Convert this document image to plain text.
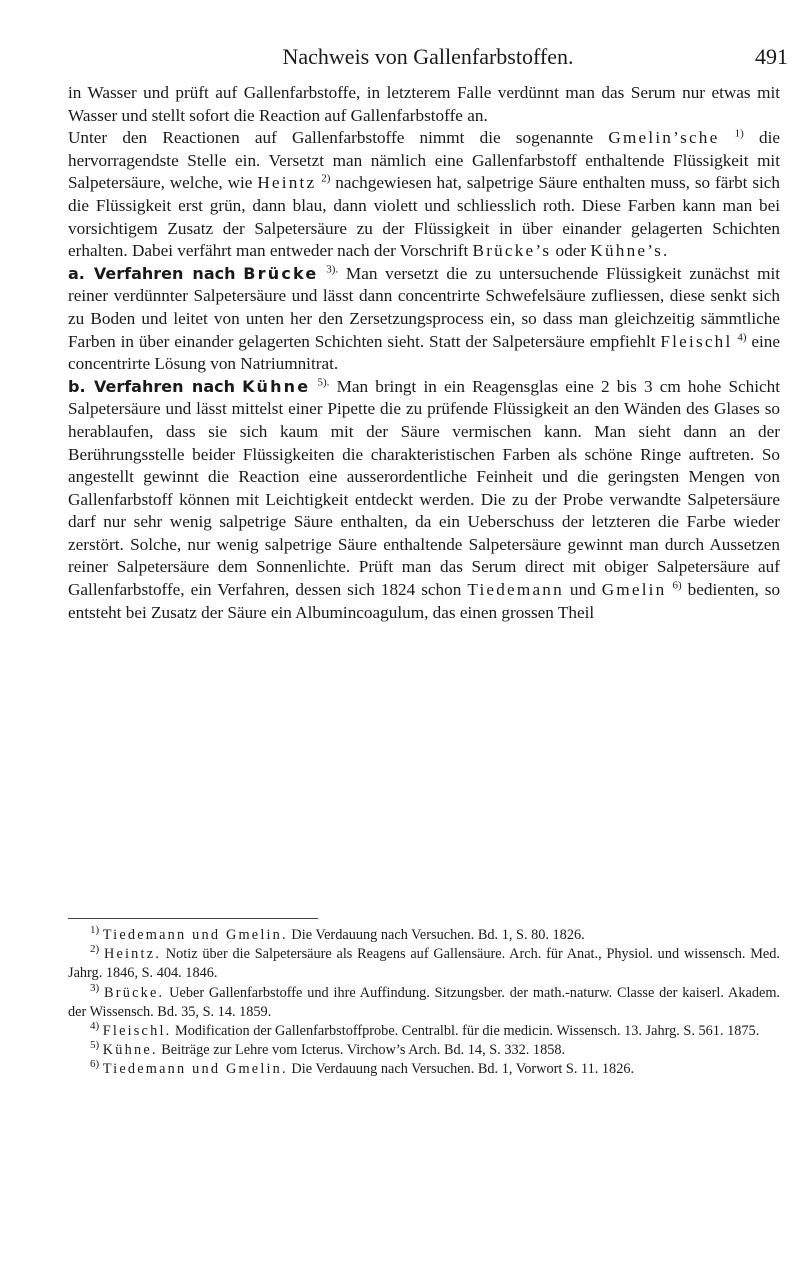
Nachweis von Gallenfarbstoffen.	491

in Wasser und prüft auf Gallenfarbstoffe, in letzterem Falle verdünnt man das Serum nur etwas mit Wasser und stellt sofort die Reaction auf Gallenfarbstoffe an.

Unter den Reactionen auf Gallenfarbstoffe nimmt die sogenannte Gmelin’sche $^{1)}$ die hervorragendste Stelle ein. Versetzt man nämlich eine Gallenfarbstoff enthaltende Flüssigkeit mit Salpetersäure, welche, wie Heintz $^{2)}$ nachgewiesen hat, salpetrige Säure enthalten muss, so färbt sich die Flüssigkeit erst grün, dann blau, dann violett und schliesslich roth. Diese Farben kann man bei vorsichtigem Zusatz der Salpetersäure zu der Flüssigkeit in über einander gelagerten Schichten erhalten. Dabei verfährt man entweder nach der Vorschrift Brücke’s oder Kühne’s.

a. Verfahren nach Brücke $^{3).}$ Man versetzt die zu untersuchende Flüssigkeit zunächst mit reiner verdünnter Salpetersäure und lässt dann concentrirte Schwefelsäure zufliessen, diese senkt sich zu Boden und leitet von unten her den Zersetzungsprocess ein, so dass man gleichzeitig sämmtliche Farben in über einander gelagerten Schichten sieht. Statt der Salpetersäure empfiehlt Fleischl $^{4)}$ eine concentrirte Lösung von Natriumnitrat.

b. Verfahren nach Kühne $^{5).}$ Man bringt in ein Reagensglas eine 2 bis 3 cm hohe Schicht Salpetersäure und lässt mittelst einer Pipette die zu prüfende Flüssigkeit an den Wänden des Glases so herablaufen, dass sie sich kaum mit der Säure vermischen kann. Man sieht dann an der Berührungsstelle beider Flüssigkeiten die charakteristischen Farben als schöne Ringe auftreten. So angestellt gewinnt die Reaction eine ausserordentliche Feinheit und die geringsten Mengen von Gallenfarbstoff können mit Leichtigkeit entdeckt werden. Die zu der Probe verwandte Salpetersäure darf nur sehr wenig salpetrige Säure enthalten, da ein Ueberschuss der letzteren die Farbe wieder zerstört. Solche, nur wenig salpetrige Säure enthaltende Salpetersäure gewinnt man durch Aussetzen reiner Salpetersäure dem Sonnenlichte. Prüft man das Serum direct mit obiger Salpetersäure auf Gallenfarbstoffe, ein Verfahren, dessen sich 1824 schon Tiedemann und Gmelin $^{6)}$ bedienten, so entsteht bei Zusatz der Säure ein Albumincoagulum, das einen grossen Theil

$^{1)}$ Tiedemann und Gmelin. Die Verdauung nach Versuchen. Bd. 1, S. 80. 1826.

$^{2)}$ Heintz. Notiz über die Salpetersäure als Reagens auf Gallensäure. Arch. für Anat., Physiol. und wissensch. Med. Jahrg. 1846, S. 404. 1846.

$^{3)}$ Brücke. Ueber Gallenfarbstoffe und ihre Auffindung. Sitzungsber. der math.-naturw. Classe der kaiserl. Akadem. der Wissensch. Bd. 35, S. 14. 1859.

$^{4)}$ Fleischl. Modification der Gallenfarbstoffprobe. Centralbl. für die medicin. Wissensch. 13. Jahrg. S. 561. 1875.

$^{5)}$ Kühne. Beiträge zur Lehre vom Icterus. Virchow’s Arch. Bd. 14, S. 332. 1858.

$^{6)}$ Tiedemann und Gmelin. Die Verdauung nach Versuchen. Bd. 1, Vorwort S. 11. 1826.
